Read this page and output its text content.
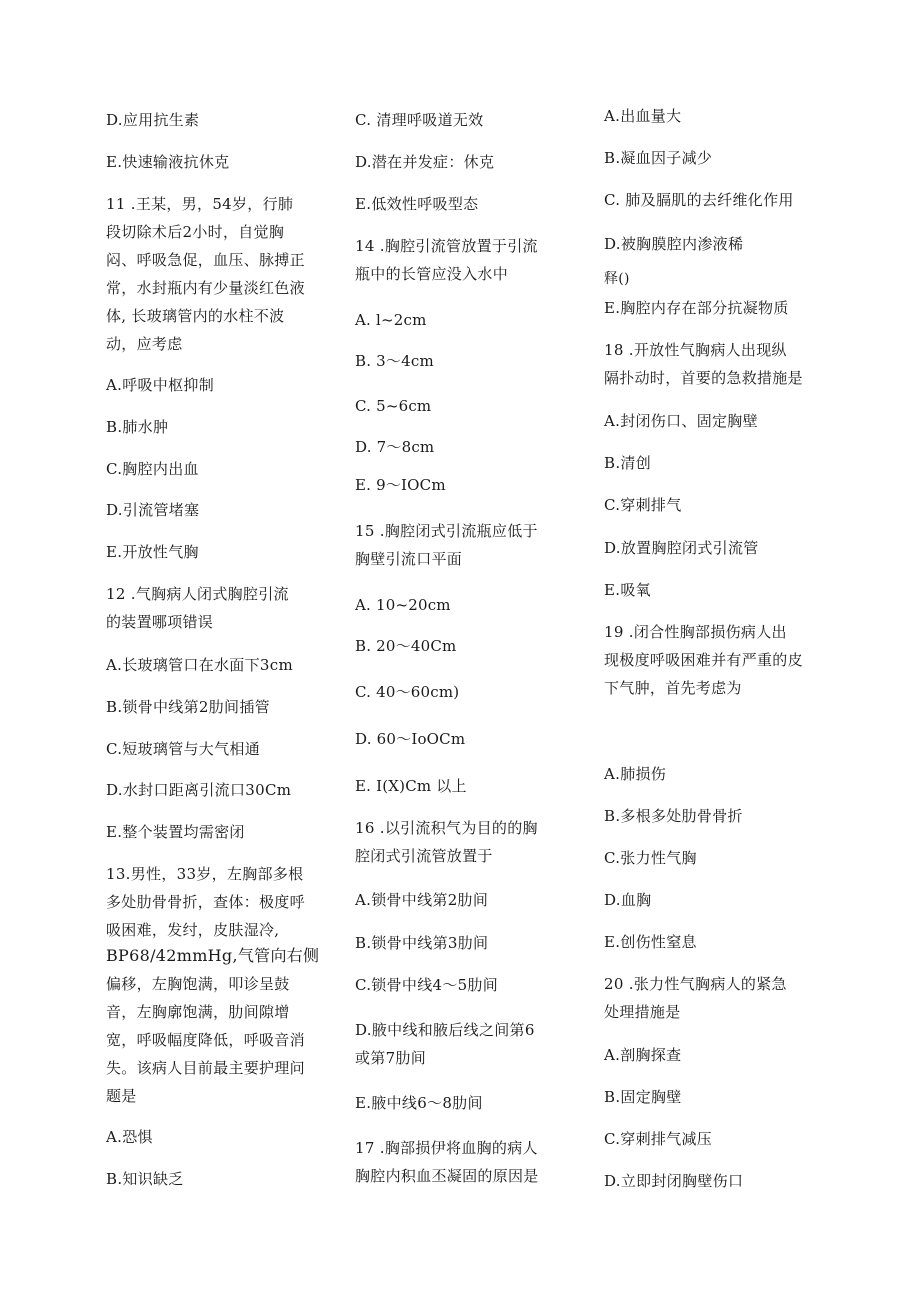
D.应用抗生素
E.快速输液抗休克
11 .王某，男，54岁，行肺
段切除术后2小时，自觉胸
闷、呼吸急促，血压、脉搏正
常，水封瓶内有少量淡红色液
体, 长玻璃管内的水柱不波
动，应考虑
A.呼吸中枢抑制
B.肺水肿
C.胸腔内出血
D.引流管堵塞
E.开放性气胸
12 .气胸病人闭式胸腔引流
的装置哪项错误
A.长玻璃管口在水面下3cm
B.锁骨中线第2肋间插管
C.短玻璃管与大气相通
D.水封口距离引流口30Cm
E.整个装置均需密闭
13.男性，33岁，左胸部多根
多处肋骨骨折，查体：极度呼
吸困难，发纣，皮肤湿冷,
BP68/42mmHg,气管向右侧
偏移，左胸饱满，叩诊呈鼓
音，左胸廓饱满，肋间隙增
宽，呼吸幅度降低，呼吸音消
失。该病人目前最主要护理问
题是
A.恐惧
B.知识缺乏
C. 清理呼吸道无效
D.潜在并发症：休克
E.低效性呼吸型态
14 .胸腔引流管放置于引流
瓶中的长管应没入水中
A. l~2cm
B. 3～4cm
C. 5~6cm
D. 7～8cm
E. 9～IOCm
15 .胸腔闭式引流瓶应低于
胸壁引流口平面
A. 10~20cm
B. 20～40Cm
C. 40～60cm)
D. 60～IoOCm
E. I(X)Cm 以上
16 .以引流积气为目的的胸
腔闭式引流管放置于
A.锁骨中线第2肋间
B.锁骨中线第3肋间
C.锁骨中线4～5肋间
D.腋中线和腋后线之间第6
或第7肋间
E.腋中线6～8肋间
17 .胸部损伊将血胸的病人
胸腔内积血丕凝固的原因是
A.出血量大
B.凝血因子减少
C. 肺及膈肌的去纤维化作用
D.被胸膜腔内渗液稀
释()
E.胸腔内存在部分抗凝物质
18 .开放性气胸病人出现纵
隔扑动时，首要的急救措施是
A.封闭伤口、固定胸壁
B.清创
C.穿刺排气
D.放置胸腔闭式引流管
E.吸氧
19 .闭合性胸部损伤病人出
现极度呼吸困难并有严重的皮
下气肿，首先考虑为
A.肺损伤
B.多根多处肋骨骨折
C.张力性气胸
D.血胸
E.创伤性窒息
20 .张力性气胸病人的紧急
处理措施是
A.剖胸探查
B.固定胸壁
C.穿刺排气减压
D.立即封闭胸壁伤口
